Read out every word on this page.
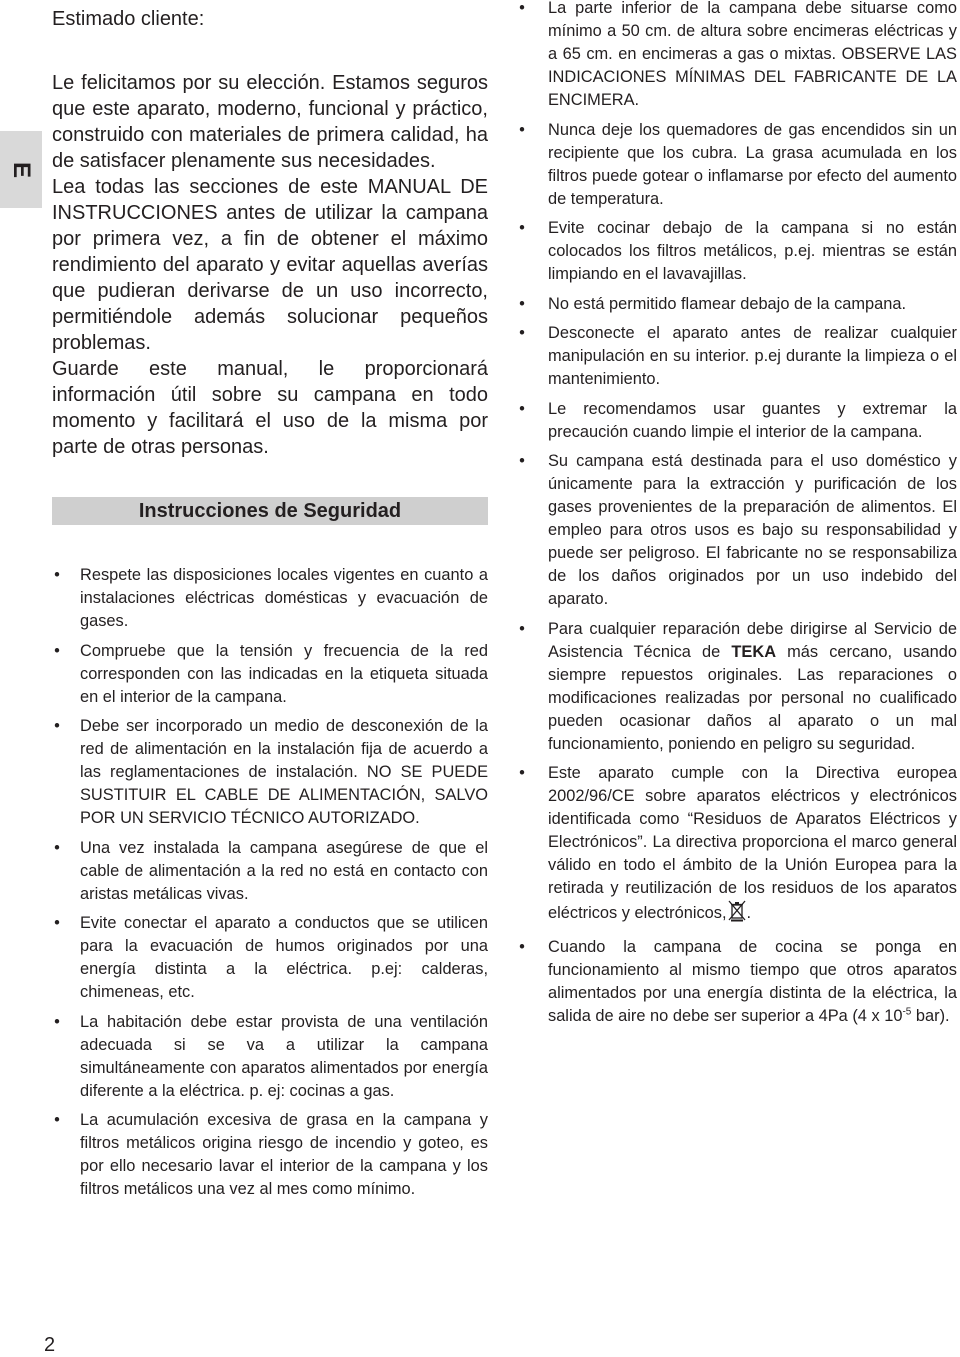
E

Estimado cliente:

Le felicitamos por su elección. Estamos seguros que este aparato, moderno, funcional y práctico, construido con materiales de primera calidad, ha de satisfacer plenamente sus necesidades.

Lea todas las secciones de este MANUAL DE INSTRUCCIONES antes de utilizar la campana por primera vez, a fin de obtener el máximo rendimiento del aparato y evitar aquellas averías que pudieran derivarse de un uso incorrecto, permitiéndole además solucionar pequeños problemas.

Guarde este manual, le proporcionará información útil sobre su campana en todo momento y facilitará el uso de la misma por parte de otras personas.

Instrucciones de Seguridad
• Respete las disposiciones locales vigentes en cuanto a instalaciones eléctricas domésticas y evacuación de gases.
• Compruebe que la tensión y frecuencia de la red corresponden con las indicadas en la etiqueta situada en el interior de la campana.
• Debe ser incorporado un medio de desconexión de la red de alimentación en la instalación fija de acuerdo a las reglamentaciones de instalación. NO SE PUEDE SUSTITUIR EL CABLE DE ALIMENTACIÓN, SALVO POR UN SERVICIO TÉCNICO AUTORIZADO.
• Una vez instalada la campana asegúrese de que el cable de alimentación a la red no está en contacto con aristas metálicas vivas.
• Evite conectar el aparato a conductos que se utilicen para la evacuación de humos originados por una energía distinta a la eléctrica. p.ej: calderas, chimeneas, etc.
• La habitación debe estar provista de una ventilación adecuada si se va a utilizar la campana simultáneamente con aparatos alimentados por energía diferente a la eléctrica. p. ej: cocinas a gas.
• La acumulación excesiva de grasa en la campana y filtros metálicos origina riesgo de incendio y goteo, es por ello necesario lavar el interior de la campana y los filtros metálicos una vez al mes como mínimo.
• La parte inferior de la campana debe situarse como mínimo a 50 cm. de altura sobre encimeras eléctricas y a 65 cm. en encimeras a gas o mixtas. OBSERVE LAS INDICACIONES MÍNIMAS DEL FABRICANTE DE LA ENCIMERA.
• Nunca deje los quemadores de gas encendidos sin un recipiente que los cubra. La grasa acumulada en los filtros puede gotear o inflamarse por efecto del aumento de temperatura.
• Evite cocinar debajo de la campana si no están colocados los filtros metálicos, p.ej. mientras se están limpiando en el lavavajillas.
• No está permitido flamear debajo de la campana.
• Desconecte el aparato antes de realizar cualquier manipulación en su interior. p.ej durante la limpieza o el mantenimiento.
• Le recomendamos usar guantes y extremar la precaución cuando limpie el interior de la campana.
• Su campana está destinada para el uso doméstico y únicamente para la extracción y purificación de los gases provenientes de la preparación de alimentos. El empleo para otros usos es bajo su responsabilidad y puede ser peligroso. El fabricante no se responsabiliza de los daños originados por un uso indebido del aparato.
• Para cualquier reparación debe dirigirse al Servicio de Asistencia Técnica de TEKA más cercano, usando siempre repuestos originales. Las reparaciones o modificaciones realizadas por personal no cualificado pueden ocasionar daños al aparato o un mal funcionamiento, poniendo en peligro su seguridad.
• Este aparato cumple con la Directiva europea 2002/96/CE sobre aparatos eléctricos y electrónicos identificada como “Residuos de Aparatos Eléctricos y Electrónicos”. La directiva proporciona el marco general válido en todo el ámbito de la Unión Europea para la retirada y reutilización de los residuos de los aparatos eléctricos y electrónicos, .
• Cuando la campana de cocina se ponga en funcionamiento al mismo tiempo que otros aparatos alimentados por una energía distinta de la eléctrica, la salida de aire no debe ser superior a 4Pa (4 x $10^{-5}$ bar).
2
